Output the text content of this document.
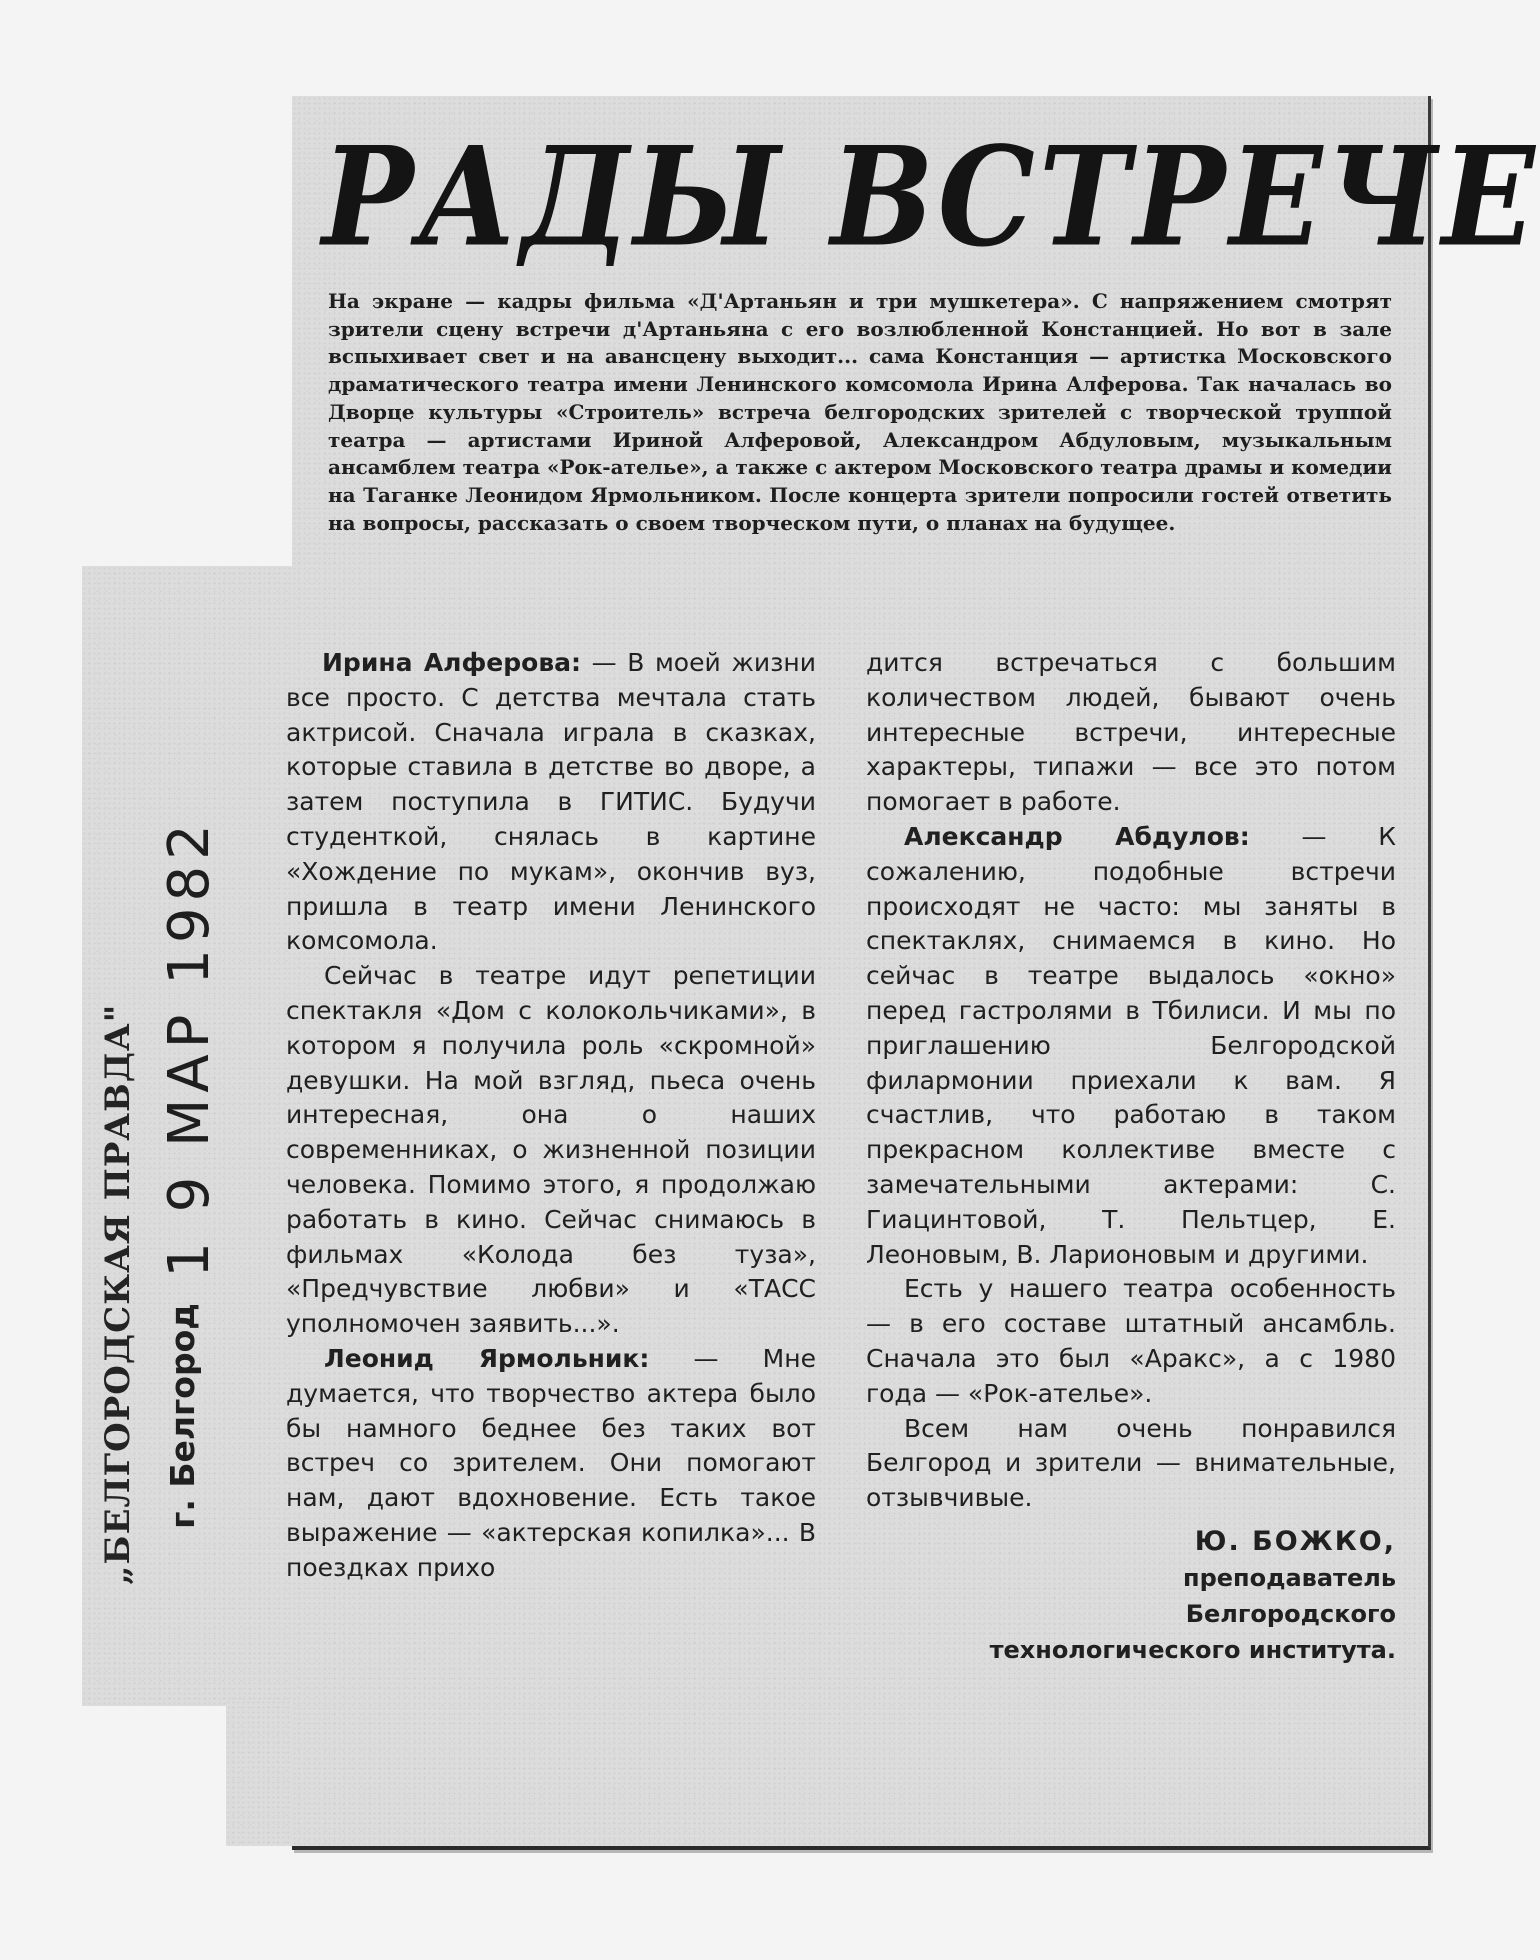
РАДЫ ВСТРЕЧЕ

На экране — кадры фильма «Д'Артаньян и три мушкетера». С напряжением смотрят зрители сцену встречи д'Артаньяна с его возлюбленной Констанцией. Но вот в зале вспыхивает свет и на авансцену выходит... сама Констанция — артистка Московского драматического театра имени Ленинского комсомола Ирина Алферова. Так началась во Дворце культуры «Строитель» встреча белгородских зрителей с творческой труппой театра — артистами Ириной Алферовой, Александром Абдуловым, музыкальным ансамблем театра «Рок-ателье», а также с актером Московского театра драмы и комедии на Таганке Леонидом Ярмольником. После концерта зрители попросили гостей ответить на вопросы, рассказать о своем творческом пути, о планах на будущее.

Ирина Алферова: — В моей жизни все просто. С детства мечтала стать актрисой. Сначала играла в сказках, которые ставила в детстве во дворе, а затем поступила в ГИТИС. Будучи студенткой, снялась в картине «Хождение по мукам», окончив вуз, пришла в театр имени Ленинского комсомола.

Сейчас в театре идут репетиции спектакля «Дом с колокольчиками», в котором я получила роль «скромной» девушки. На мой взгляд, пьеса очень интересная, она о наших современниках, о жизненной позиции человека. Помимо этого, я продолжаю работать в кино. Сейчас снимаюсь в фильмах «Колода без туза», «Предчувствие любви» и «ТАСС уполномочен заявить...».

Леонид Ярмольник: — Мне думается, что творчество актера было бы намного беднее без таких вот встреч со зрителем. Они помогают нам, дают вдохновение. Есть такое выражение — «актерская копилка»... В поездках прихо

дится встречаться с большим количеством людей, бывают очень интересные встречи, интересные характеры, типажи — все это потом помогает в работе.

Александр Абдулов: — К сожалению, подобные встречи происходят не часто: мы заняты в спектаклях, снимаемся в кино. Но сейчас в театре выдалось «окно» перед гастролями в Тбилиси. И мы по приглашению Белгородской филармонии приехали к вам. Я счастлив, что работаю в таком прекрасном коллективе вместе с замечательными актерами: С. Гиацинтовой, Т. Пельтцер, Е. Леоновым, В. Ларионовым и другими.

Есть у нашего театра особенность — в его составе штатный ансамбль. Сначала это был «Аракс», а с 1980 года — «Рок-ателье».

Всем нам очень понравился Белгород и зрители — внимательные, отзывчивые.

Ю. БОЖКО,
преподаватель
Белгородского
технологического института.
1 9 МАР 1982
„БЕЛГОРОДСКАЯ ПРАВДА" г. Белгород
